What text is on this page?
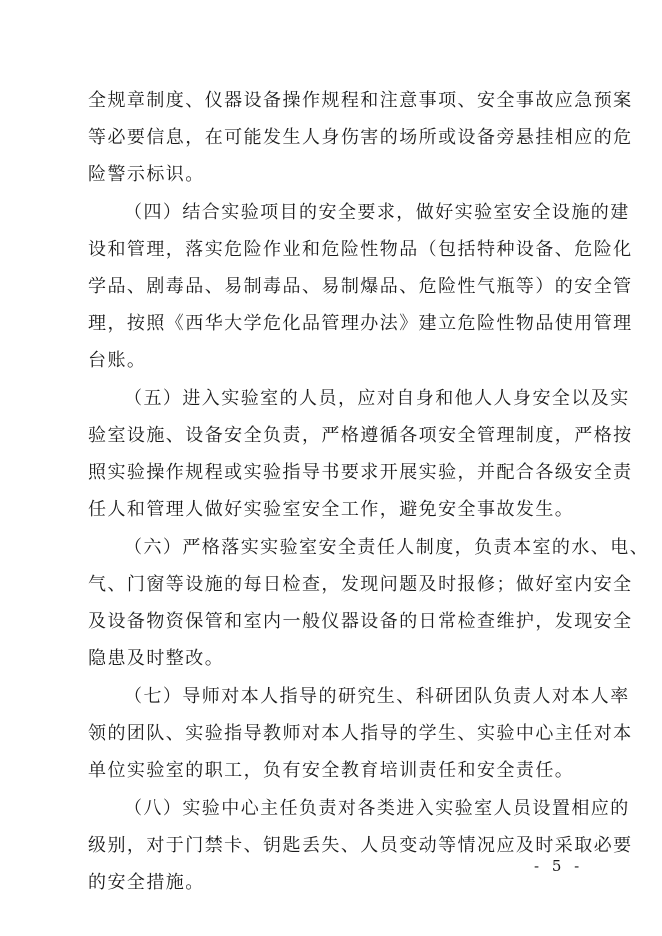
全规章制度、仪器设备操作规程和注意事项、安全事故应急预案
等必要信息，在可能发生人身伤害的场所或设备旁悬挂相应的危
险警示标识。
（四）结合实验项目的安全要求，做好实验室安全设施的建
设和管理，落实危险作业和危险性物品（包括特种设备、危险化
学品、剧毒品、易制毒品、易制爆品、危险性气瓶等）的安全管
理，按照《西华大学危化品管理办法》建立危险性物品使用管理
台账。
（五）进入实验室的人员，应对自身和他人人身安全以及实
验室设施、设备安全负责，严格遵循各项安全管理制度，严格按
照实验操作规程或实验指导书要求开展实验，并配合各级安全责
任人和管理人做好实验室安全工作，避免安全事故发生。
（六）严格落实实验室安全责任人制度，负责本室的水、电、
气、门窗等设施的每日检查，发现问题及时报修；做好室内安全
及设备物资保管和室内一般仪器设备的日常检查维护，发现安全
隐患及时整改。
（七）导师对本人指导的研究生、科研团队负责人对本人率
领的团队、实验指导教师对本人指导的学生、实验中心主任对本
单位实验室的职工，负有安全教育培训责任和安全责任。
（八）实验中心主任负责对各类进入实验室人员设置相应的
级别，对于门禁卡、钥匙丢失、人员变动等情况应及时采取必要
的安全措施。
- 5 -
